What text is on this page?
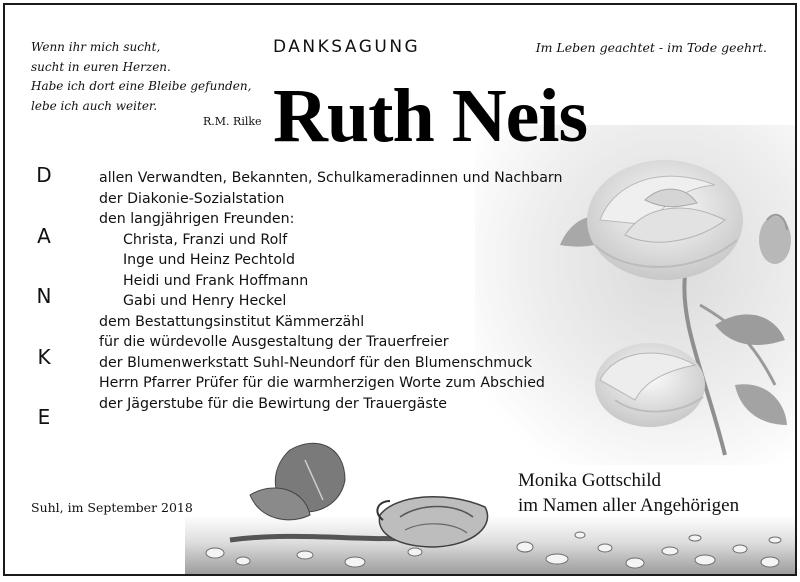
Wenn ihr mich sucht,
sucht in euren Herzen.
Habe ich dort eine Bleibe gefunden,
lebe ich auch weiter.
R.M. Rilke
DANKSAGUNG	Im Leben geachtet - im Tode geehrt.
Ruth Neis
D
A
N
K
E
allen Verwandten, Bekannten, Schulkameradinnen und Nachbarn
der Diakonie-Sozialstation
den langjährigen Freunden:
Christa, Franzi und Rolf
Inge und Heinz Pechtold
Heidi und Frank Hoffmann
Gabi und Henry Heckel
dem Bestattungsinstitut Kämmerzähl
für die würdevolle Ausgestaltung der Trauerfreier
der Blumenwerkstatt Suhl-Neundorf für den Blumenschmuck
Herrn Pfarrer Prüfer für die warmherzigen Worte zum Abschied
der Jägerstube für die Bewirtung der Trauergäste
Suhl, im September 2018
Monika Gottschild
im Namen aller Angehörigen
